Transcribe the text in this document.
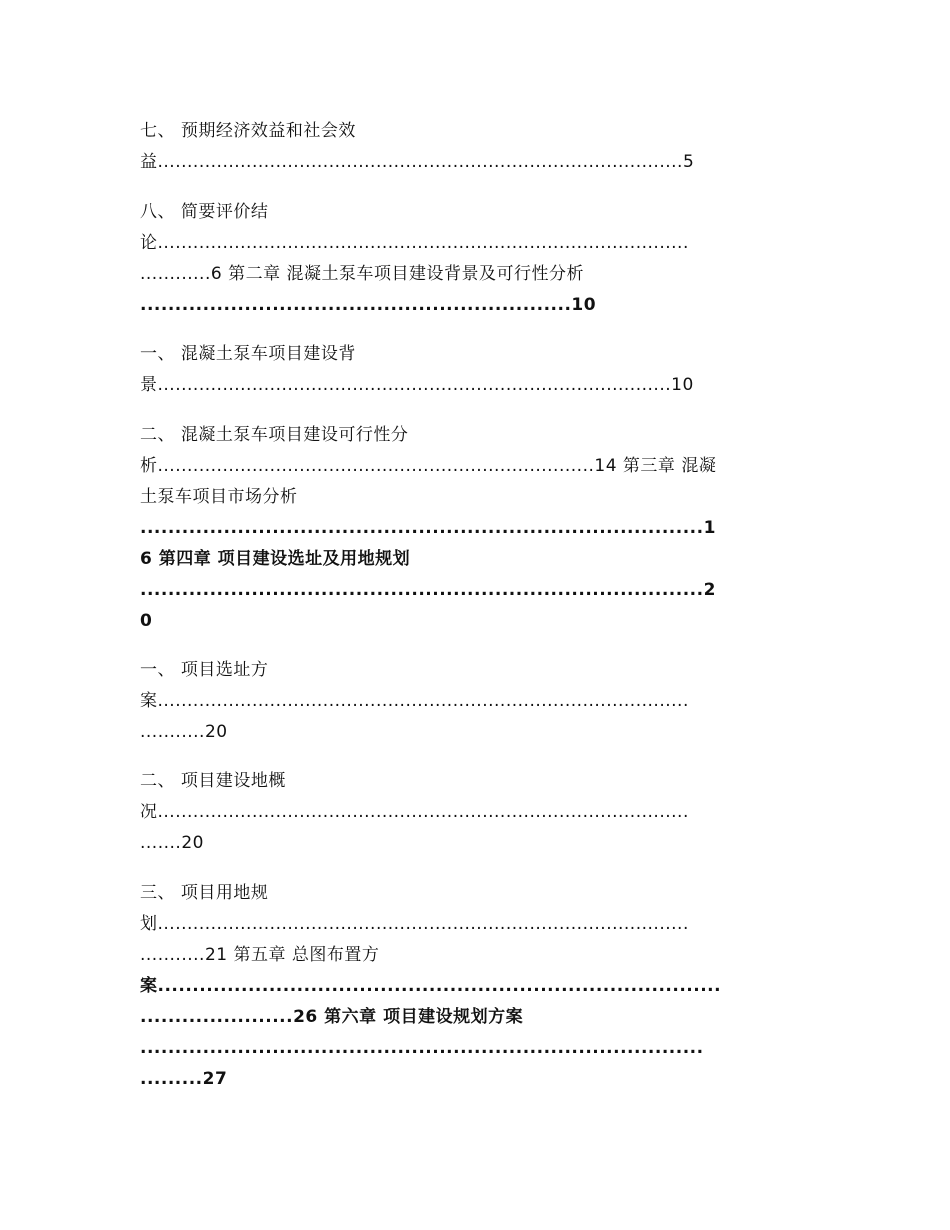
七、 预期经济效益和社会效
益.........................................................................................5
八、 简要评价结
论..........................................................................................
............6 第二章 混凝土泵车项目建设背景及可行性分析
..............................................................10
一、 混凝土泵车项目建设背
景.......................................................................................10
二、 混凝土泵车项目建设可行性分
析..........................................................................14 第三章 混凝
土泵车项目市场分析
.................................................................................1
6 第四章 项目建设选址及用地规划
.................................................................................2
0
一、 项目选址方
案..........................................................................................
...........20
二、 项目建设地概
况..........................................................................................
.......20
三、 项目用地规
划..........................................................................................
...........21 第五章 总图布置方
案.................................................................................
......................26 第六章 项目建设规划方案
.................................................................................
.........27
